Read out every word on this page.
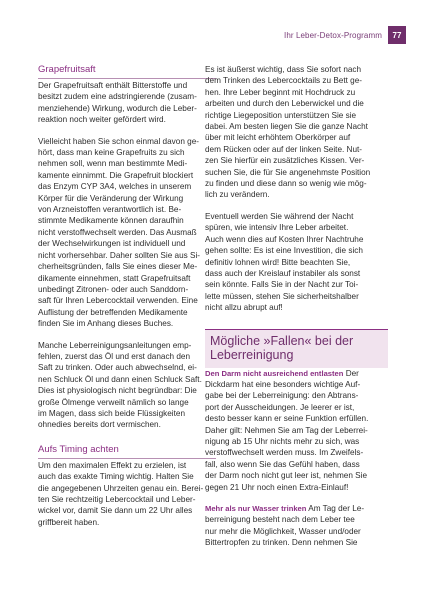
Ihr Leber-Detox-Programm	77
Grapefruitsaft

Der Grapefruitsaft enthält Bitterstoffe und
besitzt zudem eine adstringierende (zusam-
menziehende) Wirkung, wodurch die Leber-
reaktion noch weiter gefördert wird.

Vielleicht haben Sie schon einmal davon ge-
hört, dass man keine Grapefruits zu sich
nehmen soll, wenn man bestimmte Medi-
kamente einnimmt. Die Grapefruit blockiert
das Enzym CYP 3A4, welches in unserem
Körper für die Veränderung der Wirkung
von Arzneistoffen verantwortlich ist. Be-
stimmte Medikamente können daraufhin
nicht verstoffwechselt werden. Das Ausmaß
der Wechselwirkungen ist individuell und
nicht vorhersehbar. Daher sollten Sie aus Si-
cherheitsgründen, falls Sie eines dieser Me-
dikamente einnehmen, statt Grapefruitsaft
unbedingt Zitronen- oder auch Sanddorn-
saft für Ihren Lebercocktail verwenden. Eine
Auflistung der betreffenden Medikamente
finden Sie im Anhang dieses Buches.

Manche Leberreinigungsanleitungen emp-
fehlen, zuerst das Öl und erst danach den
Saft zu trinken. Oder auch abwechselnd, ei-
nen Schluck Öl und dann einen Schluck Saft.
Dies ist physiologisch nicht begründbar: Die
große Ölmenge verweilt nämlich so lange
im Magen, dass sich beide Flüssigkeiten
ohnedies bereits dort vermischen.

Aufs Timing achten

Um den maximalen Effekt zu erzielen, ist
auch das exakte Timing wichtig. Halten Sie
die angegebenen Uhrzeiten genau ein. Berei-
ten Sie rechtzeitig Lebercocktail und Leber-
wickel vor, damit Sie dann um 22 Uhr alles
griffbereit haben.

Es ist äußerst wichtig, dass Sie sofort nach
dem Trinken des Lebercocktails zu Bett ge-
hen. Ihre Leber beginnt mit Hochdruck zu
arbeiten und durch den Leberwickel und die
richtige Liegeposition unterstützen Sie sie
dabei. Am besten liegen Sie die ganze Nacht
über mit leicht erhöhtem Oberkörper auf
dem Rücken oder auf der linken Seite. Nut-
zen Sie hierfür ein zusätzliches Kissen. Ver-
suchen Sie, die für Sie angenehmste Position
zu finden und diese dann so wenig wie mög-
lich zu verändern.

Eventuell werden Sie während der Nacht
spüren, wie intensiv Ihre Leber arbeitet.
Auch wenn dies auf Kosten Ihrer Nachtruhe
gehen sollte: Es ist eine Investition, die sich
definitiv lohnen wird! Bitte beachten Sie,
dass auch der Kreislauf instabiler als sonst
sein könnte. Falls Sie in der Nacht zur Toi-
lette müssen, stehen Sie sicherheitshalber
nicht allzu abrupt auf!

Mögliche »Fallen« bei der
Leberreinigung

Den Darm nicht ausreichend entlasten Der
Dickdarm hat eine besonders wichtige Auf-
gabe bei der Leberreinigung: den Abtrans-
port der Ausscheidungen. Je leerer er ist,
desto besser kann er seine Funktion erfüllen.
Daher gilt: Nehmen Sie am Tag der Leberrei-
nigung ab 15 Uhr nichts mehr zu sich, was
verstoffwechselt werden muss. Im Zweifels-
fall, also wenn Sie das Gefühl haben, dass
der Darm noch nicht gut leer ist, nehmen Sie
gegen 21 Uhr noch einen Extra-Einlauf!

Mehr als nur Wasser trinken Am Tag der Le-
berreinigung besteht nach dem Leber tee
nur mehr die Möglichkeit, Wasser und/oder
Bittertropfen zu trinken. Denn nehmen Sie
